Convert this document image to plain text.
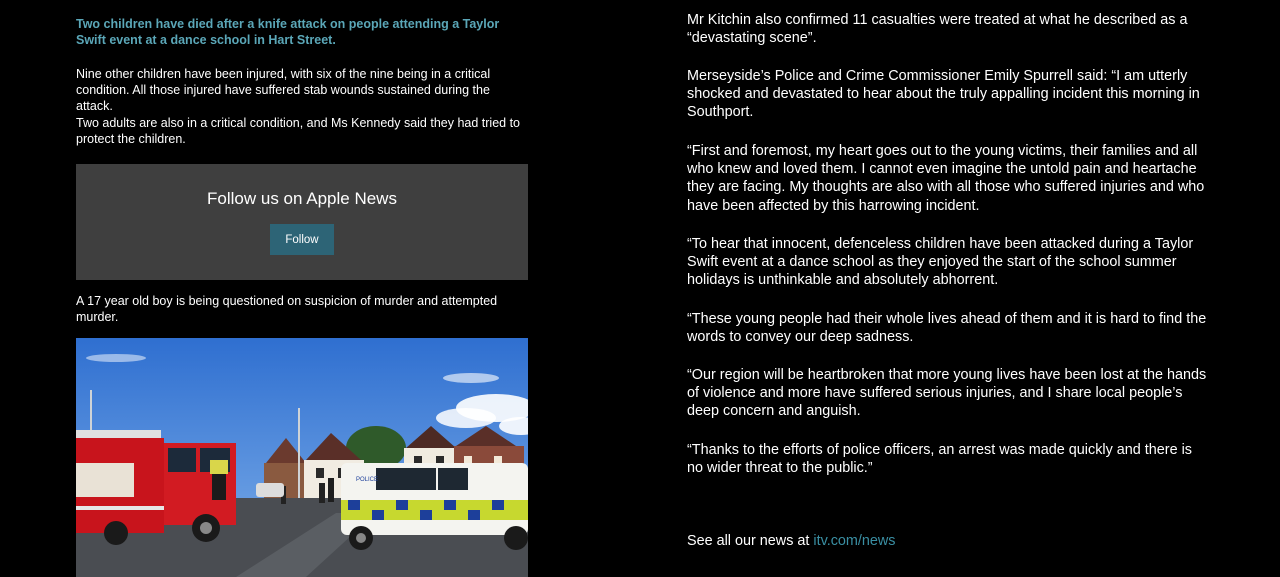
Two children have died after a knife attack on people attending a Taylor Swift event at a dance school in Hart Street.

Nine other children have been injured, with six of the nine being in a critical condition. All those injured have suffered stab wounds sustained during the attack.

Two adults are also in a critical condition, and Ms Kennedy said they had tried to protect the children.

Follow us on Apple News
Follow

A 17 year old boy is being questioned on suspicion of murder and attempted murder.

POLICE

Mr Kitchin also confirmed 11 casualties were treated at what he described as a “devastating scene”.

Merseyside’s Police and Crime Commissioner Emily Spurrell said: “I am utterly shocked and devastated to hear about the truly appalling incident this morning in Southport.

“First and foremost, my heart goes out to the young victims, their families and all who knew and loved them. I cannot even imagine the untold pain and heartache they are facing. My thoughts are also with all those who suffered injuries and who have been affected by this harrowing incident.

“To hear that innocent, defenceless children have been attacked during a Taylor Swift event at a dance school as they enjoyed the start of the school summer holidays is unthinkable and absolutely abhorrent.

“These young people had their whole lives ahead of them and it is hard to find the words to convey our deep sadness.

“Our region will be heartbroken that more young lives have been lost at the hands of violence and more have suffered serious injuries, and I share local people’s deep concern and anguish.

“Thanks to the efforts of police officers, an arrest was made quickly and there is no wider threat to the public.”

See all our news at itv.com/news
